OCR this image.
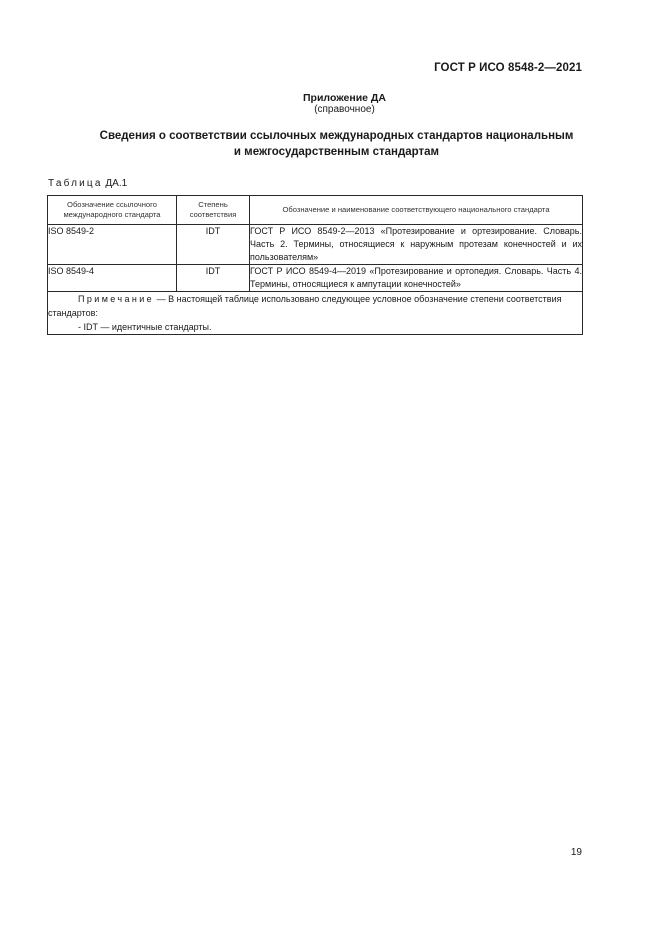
ГОСТ Р ИСО 8548-2—2021
Приложение ДА
(справочное)
Сведения о соответствии ссылочных международных стандартов национальным
и межгосударственным стандартам
Таблица ДА.1
Обозначение ссылочного международного стандарта	Степень соответствия	Обозначение и наименование соответствующего национального стандарта
ISO 8549-2	IDT	ГОСТ Р ИСО 8549-2—2013 «Протезирование и ортезирование. Словарь. Часть 2. Термины, относящиеся к наружным протезам конечностей и их пользователям»
ISO 8549-4	IDT	ГОСТ Р ИСО 8549-4—2019 «Протезирование и ортопедия. Словарь. Часть 4. Термины, относящиеся к ампутации конечностей»

Примечание — В настоящей таблице использовано следующее условное обозначение степени соответствия стандартов:
- IDT — идентичные стандарты.		
19
